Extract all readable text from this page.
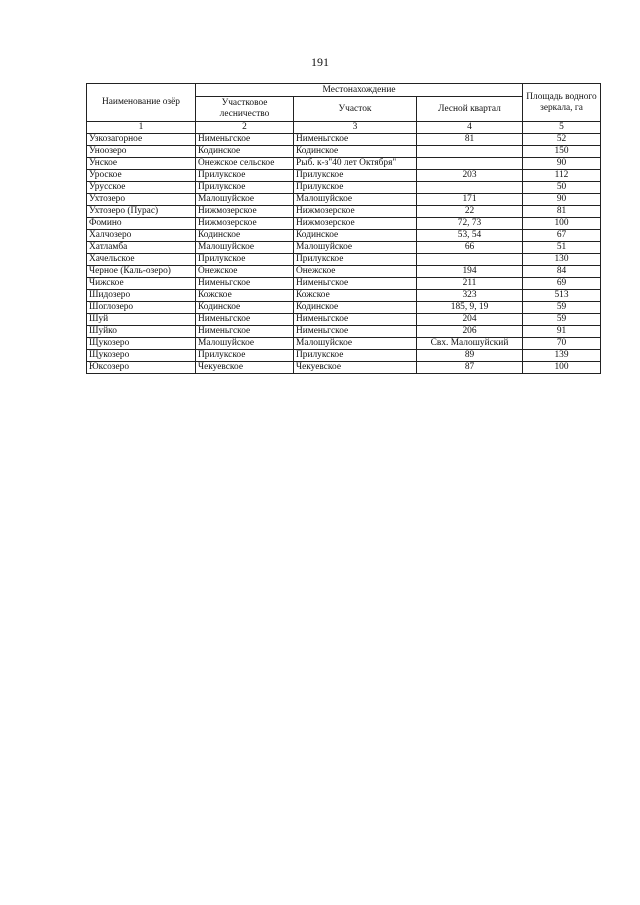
191
Наименование озёр	Местонахождение			Площадь водного зеркала, га
	Участковое лесничество	Участок	Лесной квартал	
1	2	3	4	5
Узкозагорное	Нименьгское	Нименьгское	81	52
Уноозеро	Кодинское	Кодинское		150
Унское	Онежское сельское	Рыб. к-з"40 лет Октября"		90
Уроское	Прилукское	Прилукское	203	112
Урусское	Прилукское	Прилукское		50
Ухтозеро	Малошуйское	Малошуйское	171	90
Ухтозеро (Пурас)	Нижмозерское	Нижмозерское	22	81
Фомино	Нижмозерское	Нижмозерское	72, 73	100
Халчозеро	Кодинское	Кодинское	53, 54	67
Хатламба	Малошуйское	Малошуйское	66	51
Хачельское	Прилукское	Прилукское		130
Черное (Каль-озеро)	Онежское	Онежское	194	84
Чижское	Нименьгское	Нименьгское	211	69
Шидозеро	Кожское	Кожское	323	513
Шоглозеро	Кодинское	Кодинское	185, 9, 19	59
Шуй	Нименьгское	Нименьгское	204	59
Шуйко	Нименьгское	Нименьгское	206	91
Щукозеро	Малошуйское	Малошуйское	Свх. Малошуйский	70
Щукозеро	Прилукское	Прилукское	89	139
Юксозеро	Чекуевское	Чекуевское	87	100
